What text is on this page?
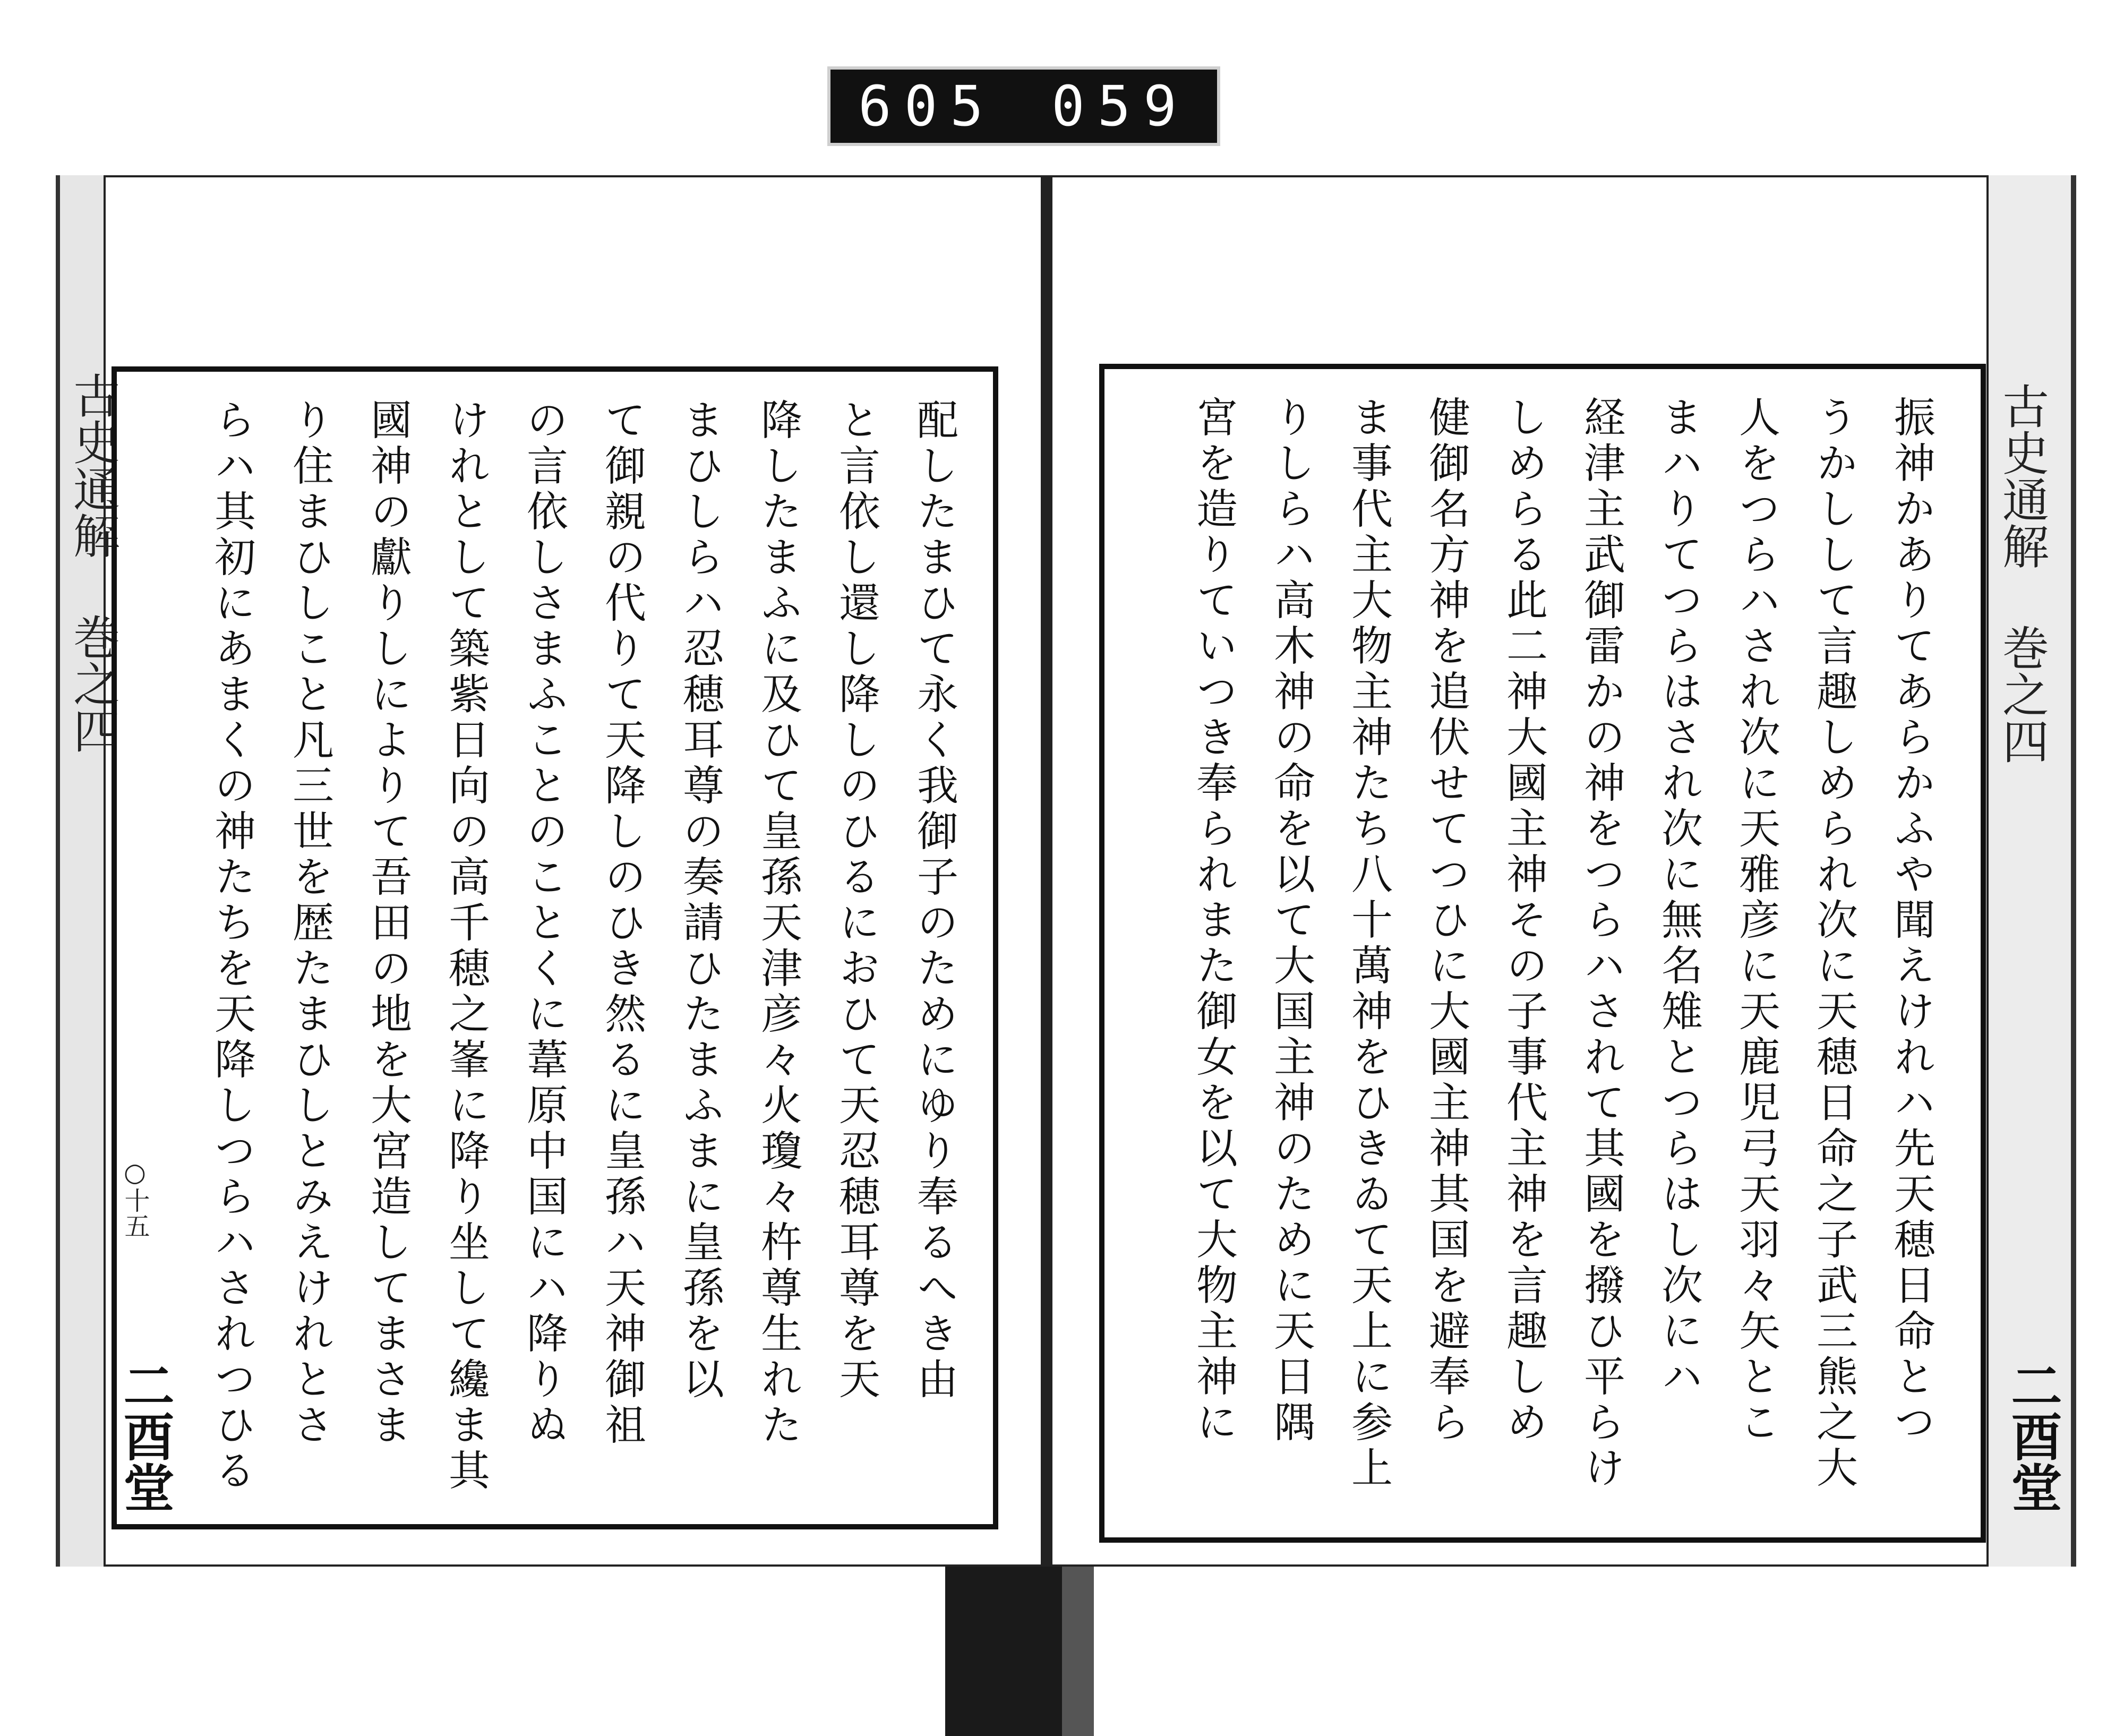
605 059
古史通解 巻之四
○十五
二酉堂
古史通解 巻之四
二酉堂
配したまひて永く我御子のためにゆり奉るへき由
と言依し還し降しのひるにおひて天忍穂耳尊を天
降したまふに及ひて皇孫天津彦々火瓊々杵尊生れた
まひしらハ忍穂耳尊の奏請ひたまふまに皇孫を以
て御親の代りて天降しのひき然るに皇孫ハ天神御祖
の言依しさまふことのことくに葦原中国にハ降りぬ
けれとして築紫日向の高千穂之峯に降り坐して纔ま其
國神の獻りしによりて吾田の地を大宮造してまさま
り住まひしこと凡三世を歴たまひしとみえけれとさ
らハ其初にあまくの神たちを天降しつらハされつひる	振神かありてあらかふや聞えけれハ先天穂日命とつ
うかしして言趣しめられ次に天穂日命之子武三熊之大
人をつらハされ次に天雅彦に天鹿児弓天羽々矢とこ
まハりてつらはされ次に無名雉とつらはし次にハ
経津主武御雷かの神をつらハされて其國を撥ひ平らけ
しめらる此二神大國主神その子事代主神を言趣しめ
健御名方神を追伏せてつひに大國主神其国を避奉ら
ま事代主大物主神たち八十萬神をひきゐて天上に参上
りしらハ高木神の命を以て大国主神のために天日隅
宮を造りていつき奉られまた御女を以て大物主神に
